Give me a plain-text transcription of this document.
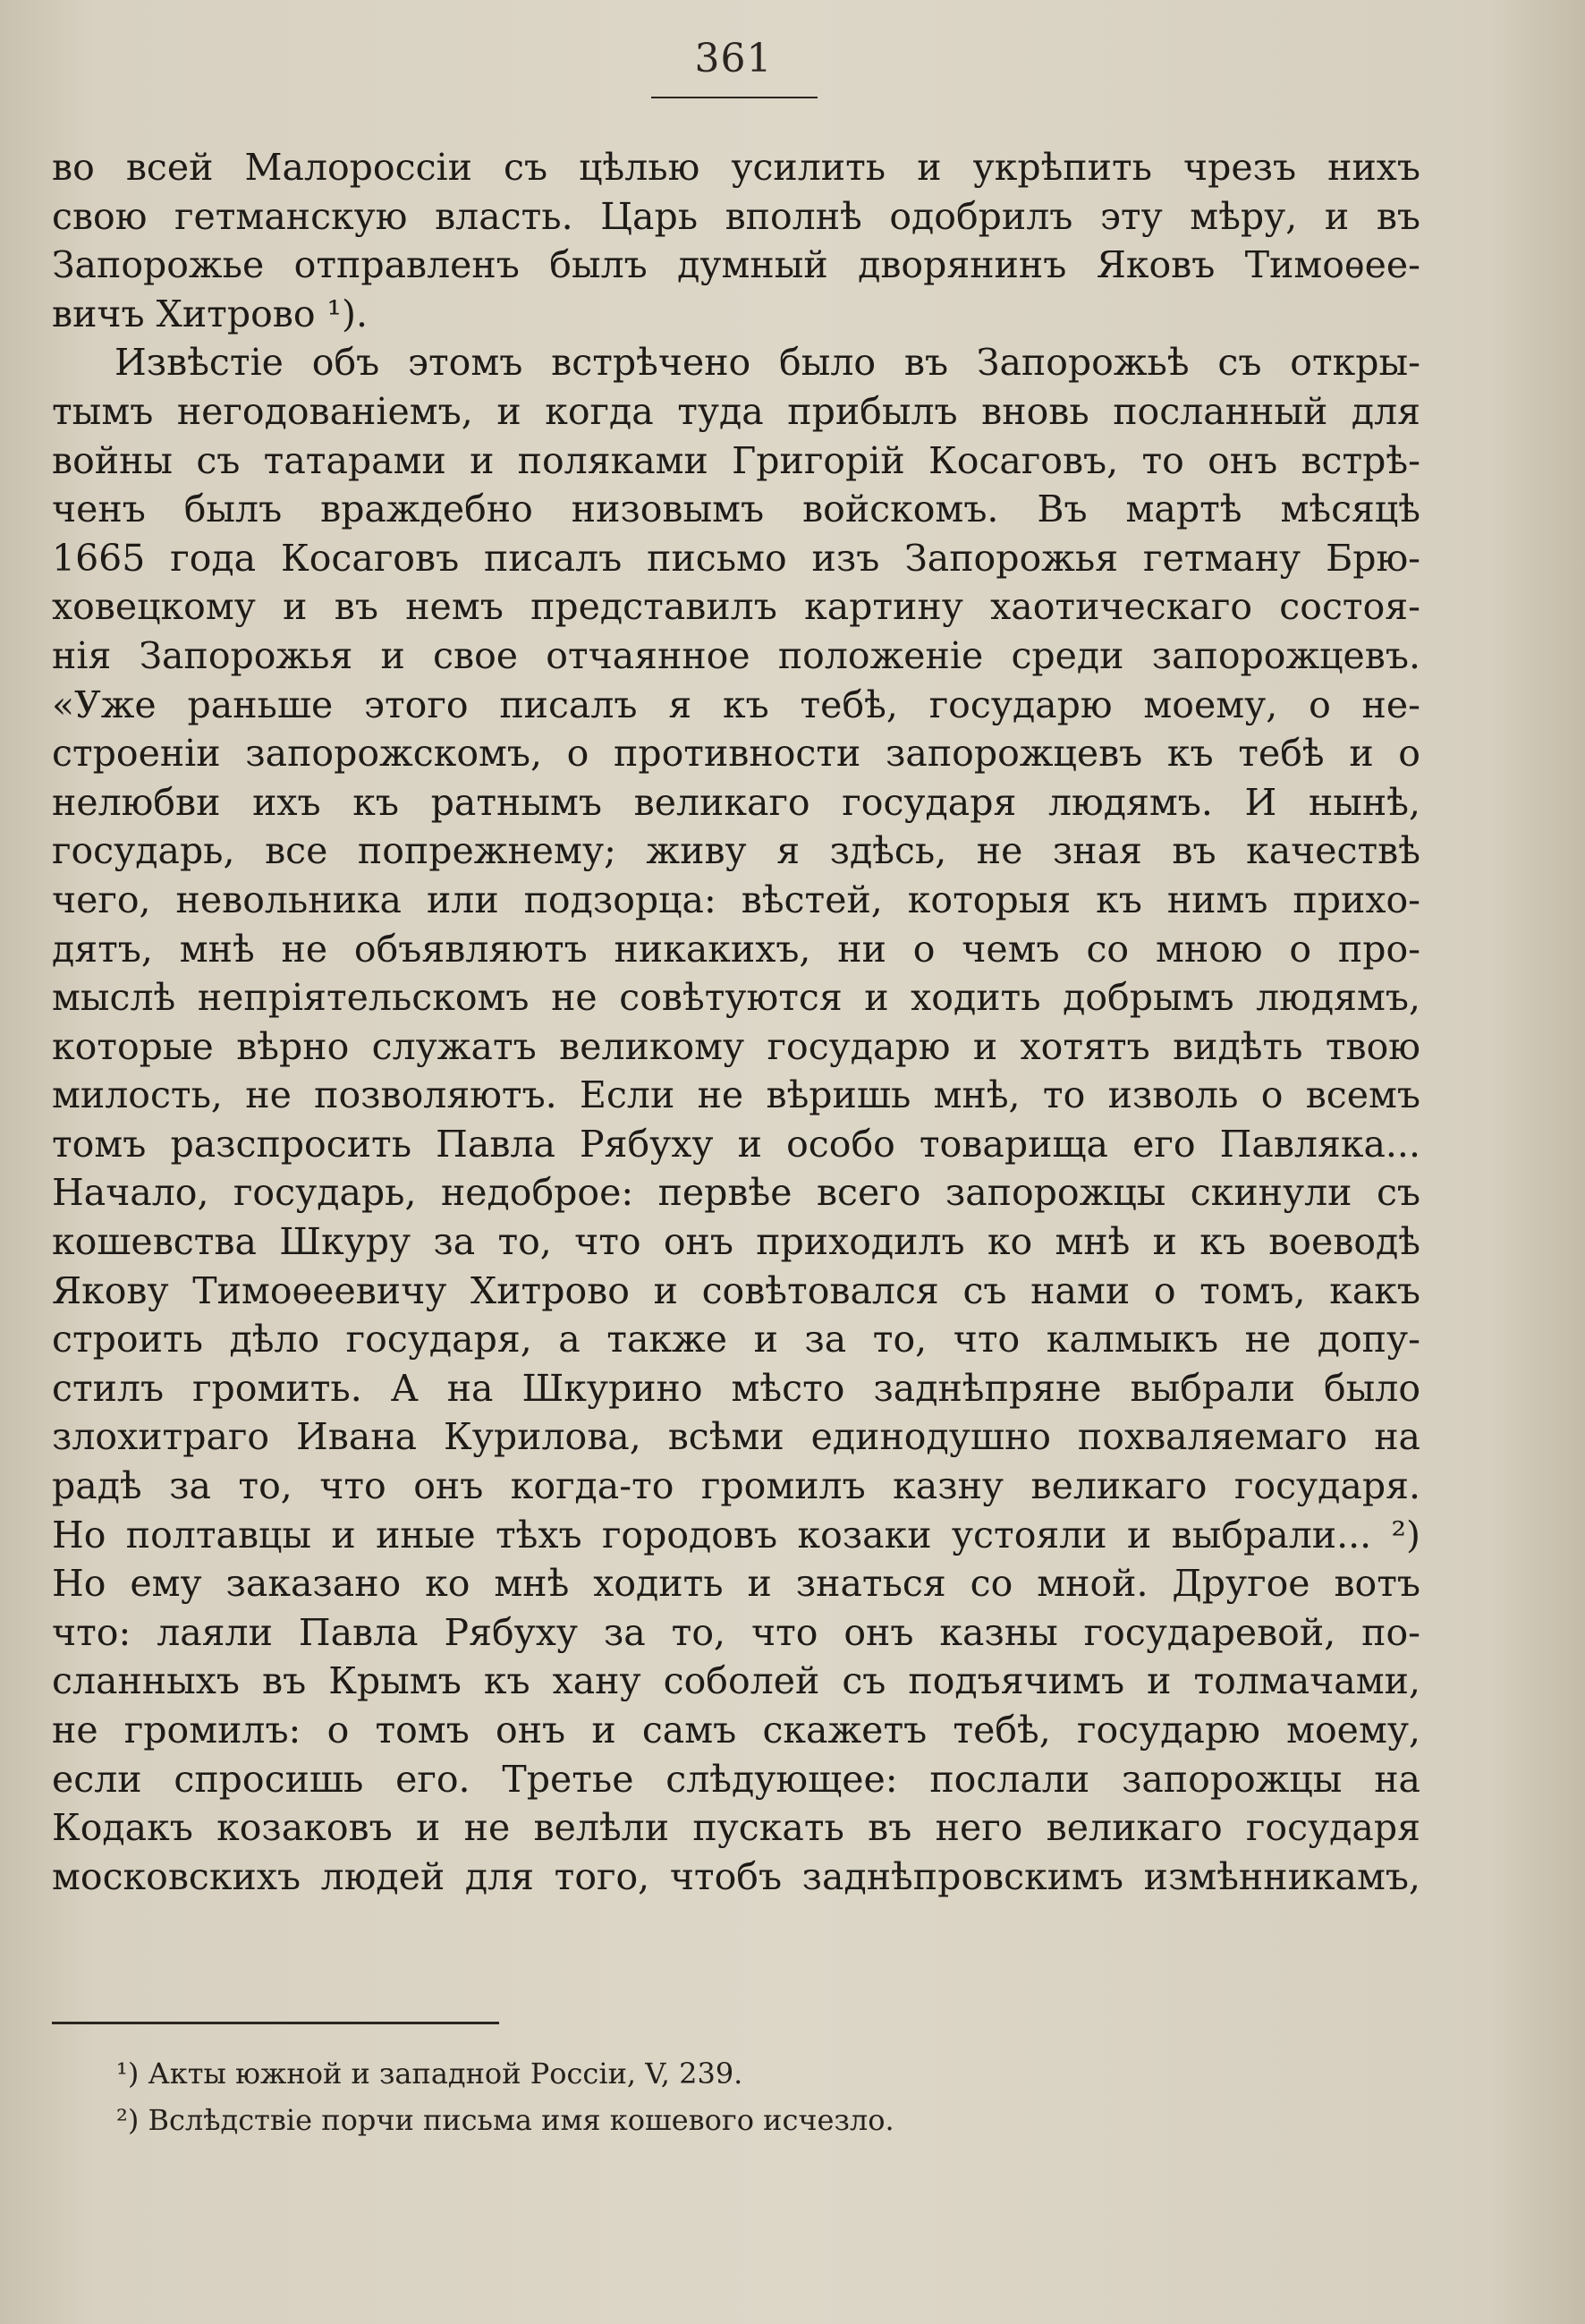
361
во всей Малороссіи съ цѣлью усилить и укрѣпить чрезъ нихъ
свою гетманскую власть. Царь вполнѣ одобрилъ эту мѣру, и въ
Запорожье отправленъ былъ думный дворянинъ Яковъ Тимоѳее-
вичъ Хитрово ¹).
Извѣстіе объ этомъ встрѣчено было въ Запорожьѣ съ откры-
тымъ негодованіемъ, и когда туда прибылъ вновь посланный для
войны съ татарами и поляками Григорій Косаговъ, то онъ встрѣ-
ченъ былъ враждебно низовымъ войскомъ. Въ мартѣ мѣсяцѣ
1665 года Косаговъ писалъ письмо изъ Запорожья гетману Брю-
ховецкому и въ немъ представилъ картину хаотическаго состоя-
нія Запорожья и свое отчаянное положеніе среди запорожцевъ.
«Уже раньше этого писалъ я къ тебѣ, государю моему, о не-
строеніи запорожскомъ, о противности запорожцевъ къ тебѣ и о
нелюбви ихъ къ ратнымъ великаго государя людямъ. И нынѣ,
государь, все попрежнему; живу я здѣсь, не зная въ качествѣ
чего, невольника или подзорца: вѣстей, которыя къ нимъ прихо-
дятъ, мнѣ не объявляютъ никакихъ, ни о чемъ со мною о про-
мыслѣ непріятельскомъ не совѣтуются и ходить добрымъ людямъ,
которые вѣрно служатъ великому государю и хотятъ видѣть твою
милость, не позволяютъ. Если не вѣришь мнѣ, то изволь о всемъ
томъ разспросить Павла Рябуху и особо товарища его Павляка...
Начало, государь, недоброе: первѣе всего запорожцы скинули съ
кошевства Шкуру за то, что онъ приходилъ ко мнѣ и къ воеводѣ
Якову Тимоѳеевичу Хитрово и совѣтовался съ нами о томъ, какъ
строить дѣло государя, а также и за то, что калмыкъ не допу-
стилъ громить. А на Шкурино мѣсто заднѣпряне выбрали было
злохитраго Ивана Курилова, всѣми единодушно похваляемаго на
радѣ за то, что онъ когда-то громилъ казну великаго государя.
Но полтавцы и иные тѣхъ городовъ козаки устояли и выбрали... ²)
Но ему заказано ко мнѣ ходить и знаться со мной. Другое вотъ
что: лаяли Павла Рябуху за то, что онъ казны государевой, по-
сланныхъ въ Крымъ къ хану соболей съ подъячимъ и толмачами,
не громилъ: о томъ онъ и самъ скажетъ тебѣ, государю моему,
если спросишь его. Третье слѣдующее: послали запорожцы на
Кодакъ козаковъ и не велѣли пускать въ него великаго государя
московскихъ людей для того, чтобъ заднѣпровскимъ измѣнникамъ,
¹) Акты южной и западной Россіи, V, 239.
²) Вслѣдствіе порчи письма имя кошевого исчезло.
